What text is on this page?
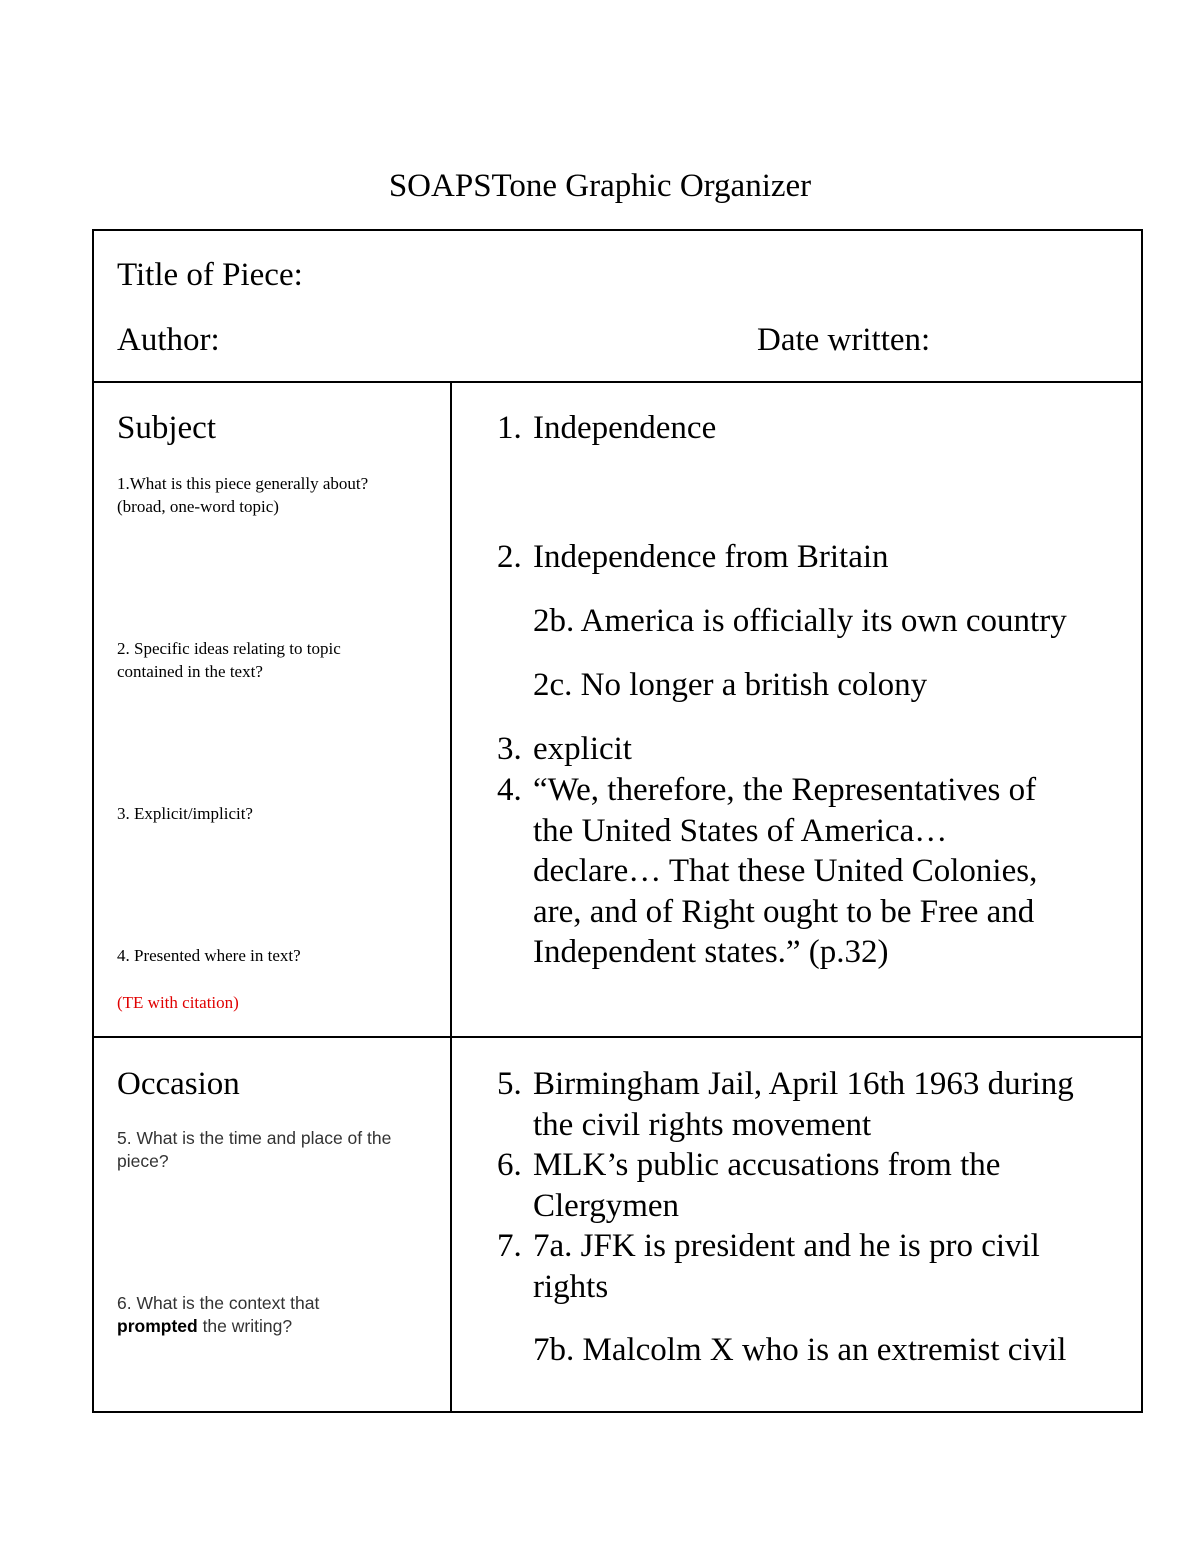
SOAPSTone Graphic Organizer
Title of Piece:
Author:	Date written:
Subject
1.What is this piece generally about?
(broad, one-word topic)
2. Specific ideas relating to topic
contained in the text?
3. Explicit/implicit?
4. Presented where in text?
(TE with citation)
1. Independence
2. Independence from Britain
2b. America is officially its own country
2c. No longer a british colony
3. explicit
4. “We, therefore, the Representatives of
the United States of America…
declare… That these United Colonies,
are, and of Right ought to be Free and
Independent states.” (p.32)
Occasion
5. What is the time and place of the
piece?
6. What is the context that
prompted the writing?
5. Birmingham Jail, April 16th 1963 during
the civil rights movement
6. MLK’s public accusations from the
Clergymen
7. 7a. JFK is president and he is pro civil
rights
7b. Malcolm X who is an extremist civil
